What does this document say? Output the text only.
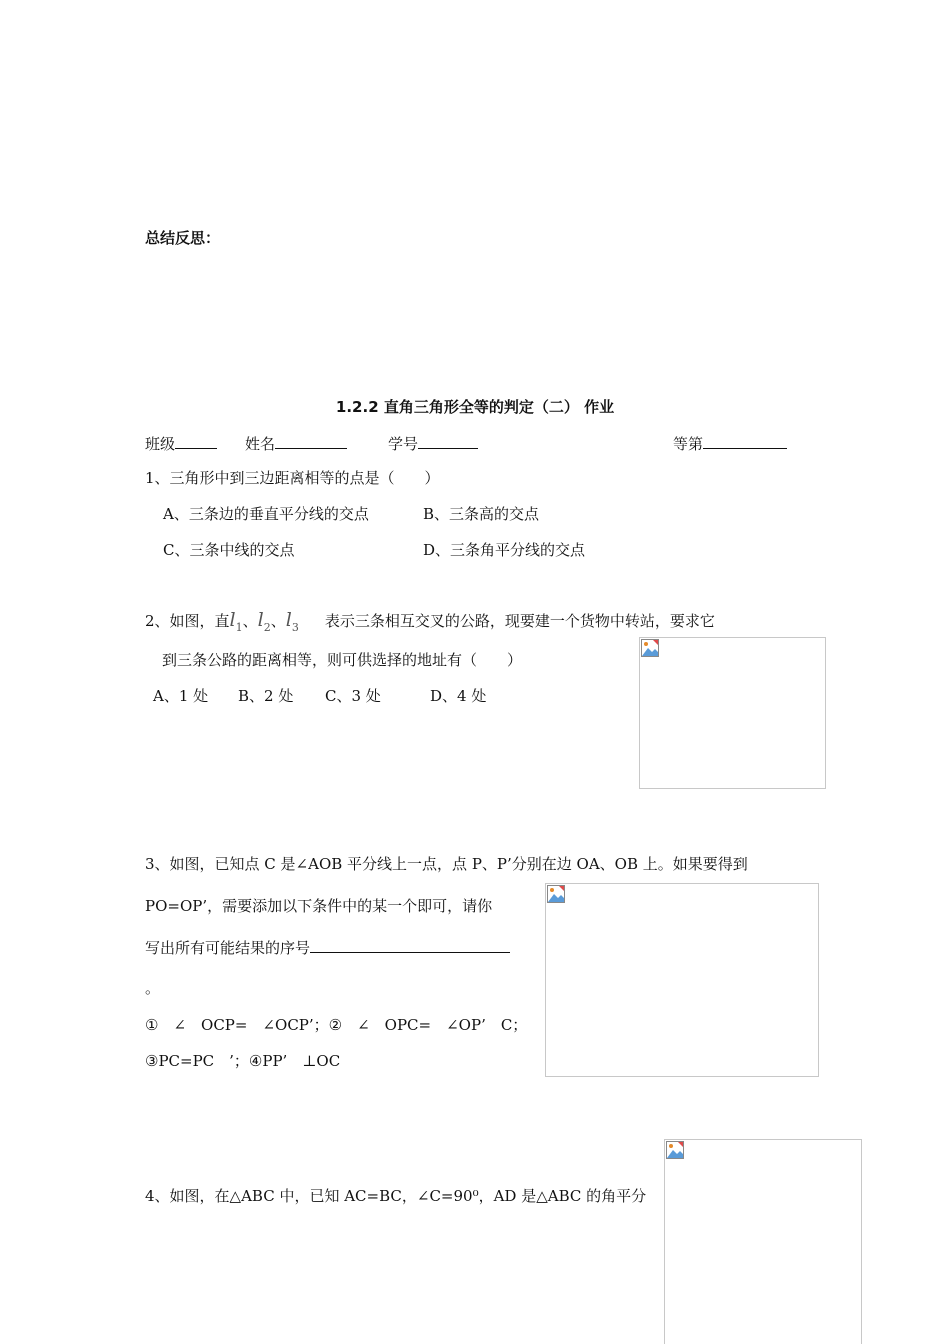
总结反思：
1.2.2 直角三角形全等的判定（二） 作业
班级	姓名	学号	等第
1、三角形中到三边距离相等的点是（　　）
A、三条边的垂直平分线的交点	B、三条高的交点
C、三条中线的交点	D、三条角平分线的交点
2、如图，直$l_1$、$l_2$、$l_3$ 表示三条相互交叉的公路，现要建一个货物中转站，要求它
到三条公路的距离相等，则可供选择的地址有（　　）
A、1 处 B、2 处 C、3 处	D、4 处
3、如图，已知点 C 是∠AOB 平分线上一点，点 P、P’分别在边 OA、OB 上。如果要得到
PO=OP’，需要添加以下条件中的某一个即可，请你
写出所有可能结果的序号
。
①　∠　OCP=　∠OCP’；②　∠　OPC=　∠OP’　C；
③PC=PC　’；④PP’　⊥OC
4、如图，在△ABC 中，已知 AC=BC，∠C=90⁰，AD 是△ABC 的角平分
